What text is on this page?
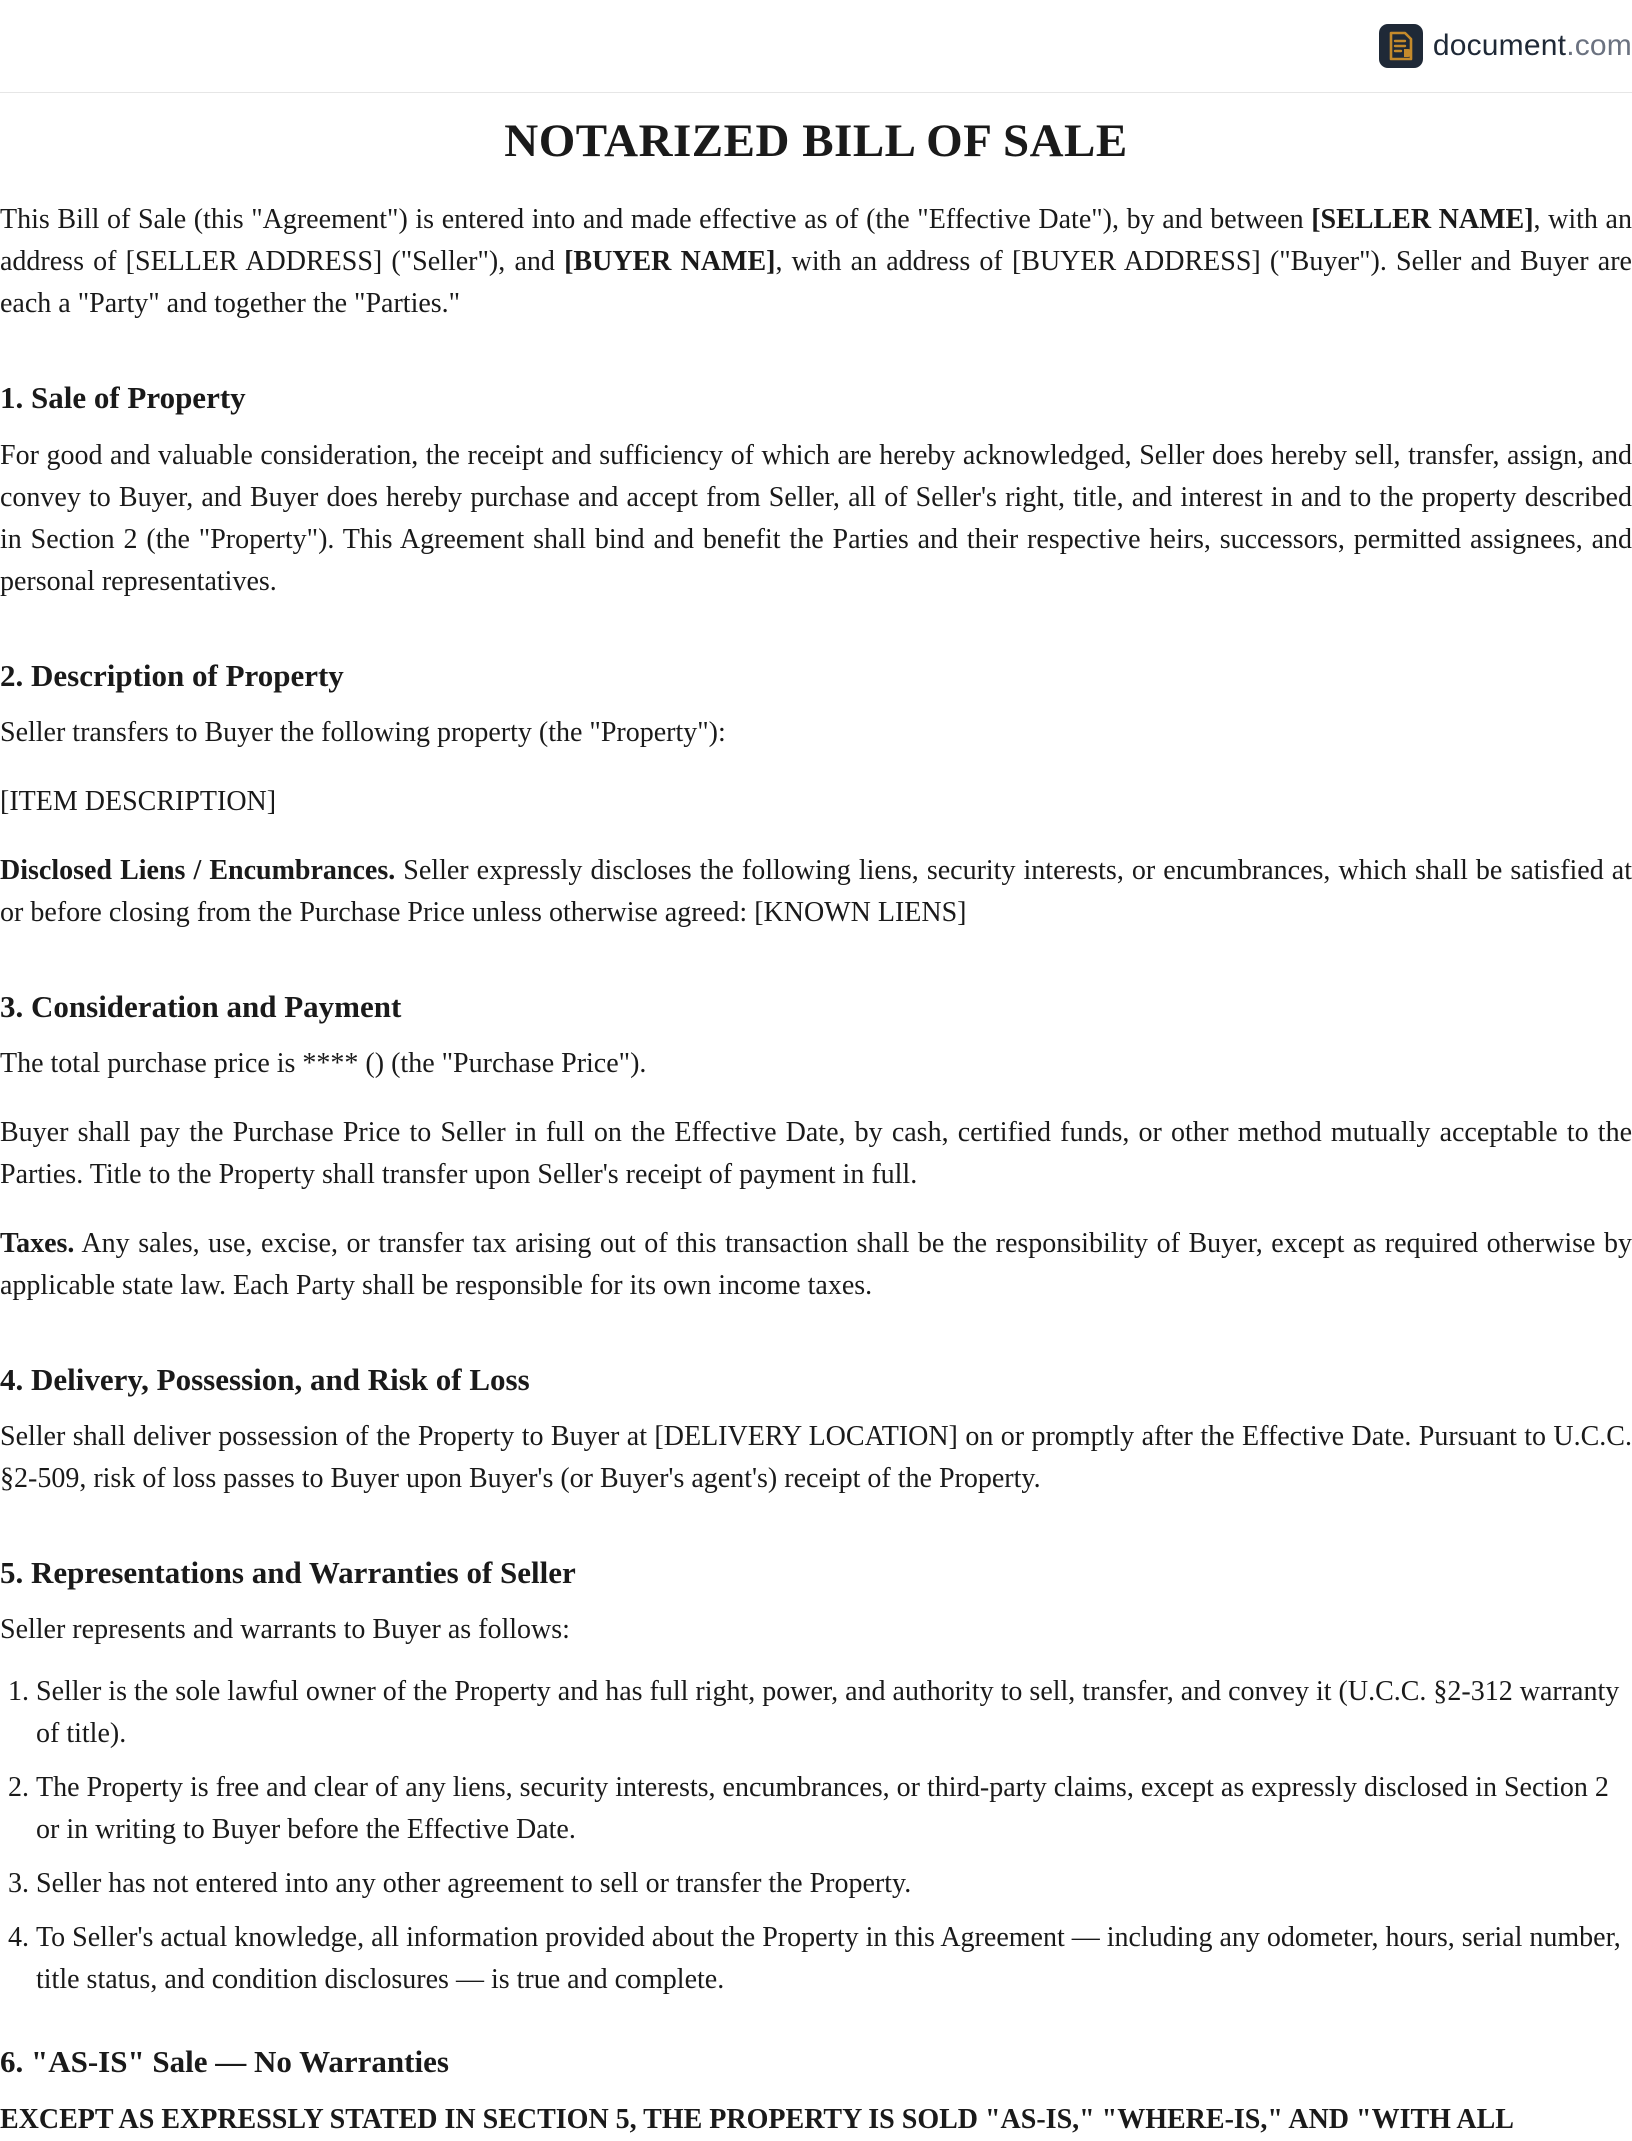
document.com
NOTARIZED BILL OF SALE

This Bill of Sale (this "Agreement") is entered into and made effective as of (the "Effective Date"), by and between [SELLER NAME], with an address of [SELLER ADDRESS] ("Seller"), and [BUYER NAME], with an address of [BUYER ADDRESS] ("Buyer"). Seller and Buyer are each a "Party" and together the "Parties."

1. Sale of Property

For good and valuable consideration, the receipt and sufficiency of which are hereby acknowledged, Seller does hereby sell, transfer, assign, and convey to Buyer, and Buyer does hereby purchase and accept from Seller, all of Seller's right, title, and interest in and to the property described in Section 2 (the "Property"). This Agreement shall bind and benefit the Parties and their respective heirs, successors, permitted assignees, and personal representatives.

2. Description of Property

Seller transfers to Buyer the following property (the "Property"):

[ITEM DESCRIPTION]

Disclosed Liens / Encumbrances. Seller expressly discloses the following liens, security interests, or encumbrances, which shall be satisfied at or before closing from the Purchase Price unless otherwise agreed: [KNOWN LIENS]

3. Consideration and Payment

The total purchase price is **** () (the "Purchase Price").

Buyer shall pay the Purchase Price to Seller in full on the Effective Date, by cash, certified funds, or other method mutually acceptable to the Parties. Title to the Property shall transfer upon Seller's receipt of payment in full.

Taxes. Any sales, use, excise, or transfer tax arising out of this transaction shall be the responsibility of Buyer, except as required otherwise by applicable state law. Each Party shall be responsible for its own income taxes.

4. Delivery, Possession, and Risk of Loss

Seller shall deliver possession of the Property to Buyer at [DELIVERY LOCATION] on or promptly after the Effective Date. Pursuant to U.C.C. §2-509, risk of loss passes to Buyer upon Buyer's (or Buyer's agent's) receipt of the Property.

5. Representations and Warranties of Seller

Seller represents and warrants to Buyer as follows:

1. Seller is the sole lawful owner of the Property and has full right, power, and authority to sell, transfer, and convey it (U.C.C. §2-312 warranty of title).
2. The Property is free and clear of any liens, security interests, encumbrances, or third-party claims, except as expressly disclosed in Section 2 or in writing to Buyer before the Effective Date.
3. Seller has not entered into any other agreement to sell or transfer the Property.
4. To Seller's actual knowledge, all information provided about the Property in this Agreement — including any odometer, hours, serial number, title status, and condition disclosures — is true and complete.
6. "AS-IS" Sale — No Warranties

EXCEPT AS EXPRESSLY STATED IN SECTION 5, THE PROPERTY IS SOLD "AS-IS," "WHERE-IS," AND "WITH ALL
